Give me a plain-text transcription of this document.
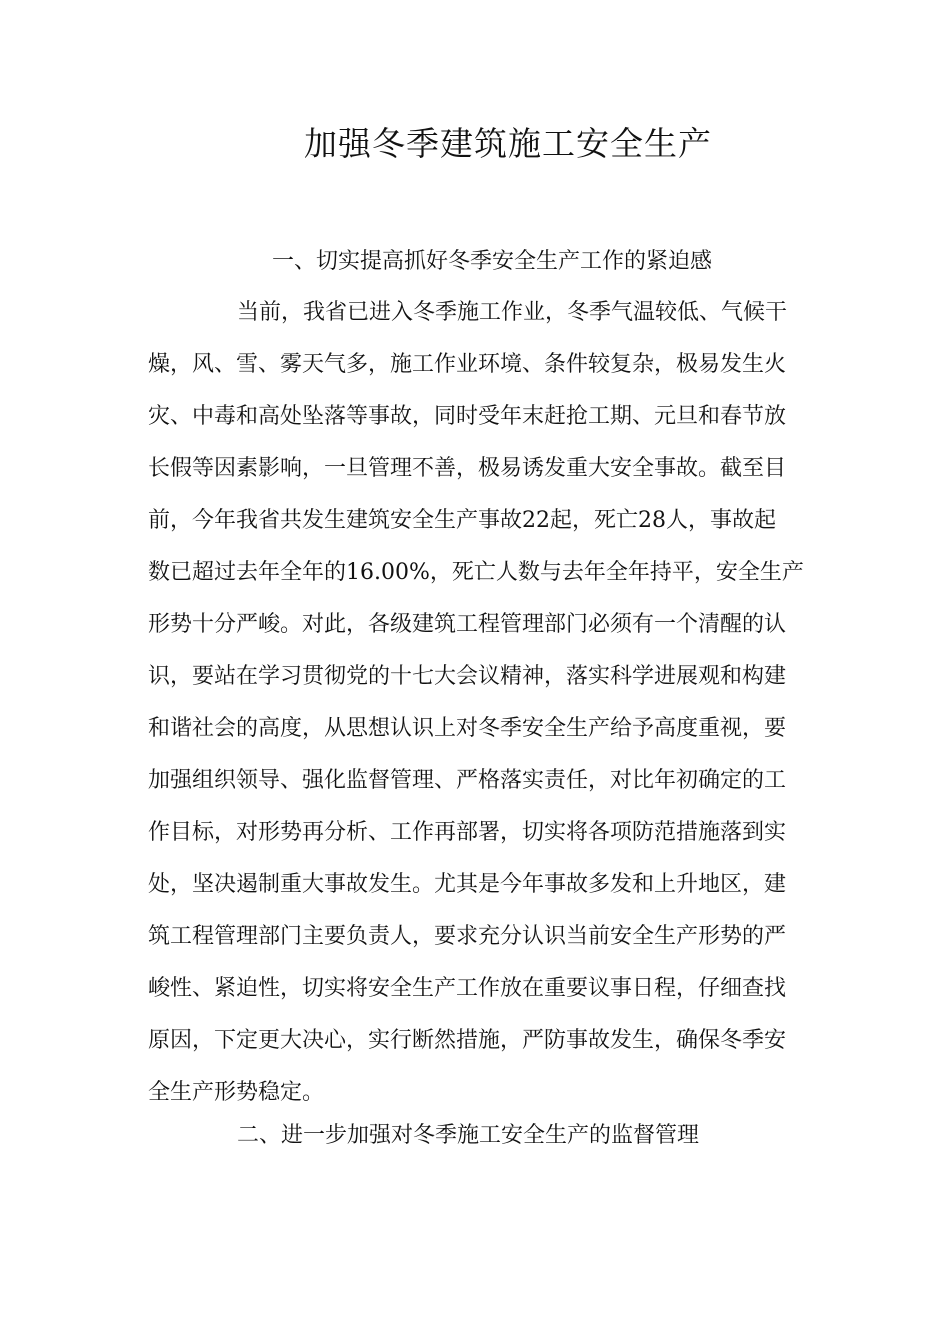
加强冬季建筑施工安全生产
一、切实提高抓好冬季安全生产工作的紧迫感
当前，我省已进入冬季施工作业，冬季气温较低、气候干
燥，风、雪、雾天气多，施工作业环境、条件较复杂，极易发生火
灾、中毒和高处坠落等事故，同时受年末赶抢工期、元旦和春节放
长假等因素影响，一旦管理不善，极易诱发重大安全事故。截至目
前，今年我省共发生建筑安全生产事故22起，死亡28人，事故起
数已超过去年全年的16.00%，死亡人数与去年全年持平，安全生产
形势十分严峻。对此，各级建筑工程管理部门必须有一个清醒的认
识，要站在学习贯彻党的十七大会议精神，落实科学进展观和构建
和谐社会的高度，从思想认识上对冬季安全生产给予高度重视，要
加强组织领导、强化监督管理、严格落实责任，对比年初确定的工
作目标，对形势再分析、工作再部署，切实将各项防范措施落到实
处，坚决遏制重大事故发生。尤其是今年事故多发和上升地区，建
筑工程管理部门主要负责人，要求充分认识当前安全生产形势的严
峻性、紧迫性，切实将安全生产工作放在重要议事日程，仔细查找
原因，下定更大决心，实行断然措施，严防事故发生，确保冬季安
全生产形势稳定。
二、进一步加强对冬季施工安全生产的监督管理
